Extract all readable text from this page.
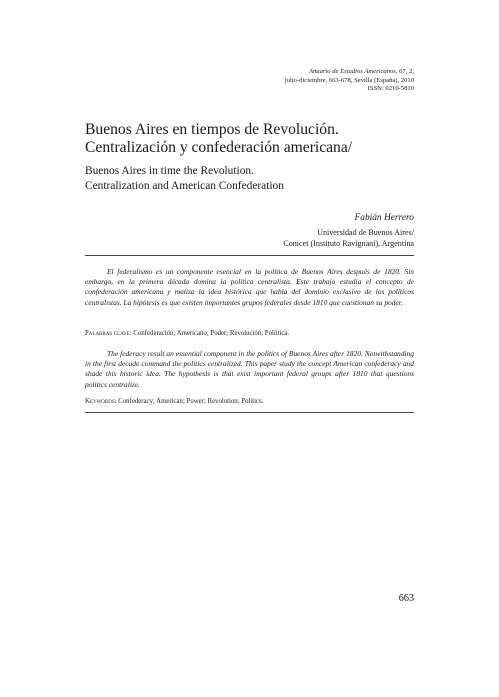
Anuario de Estudios Americanos, 67, 2,
julio-diciembre, 663-678, Sevilla (España), 2010
ISSN: 0210-5810
Buenos Aires en tiempos de Revolución.
Centralización y confederación americana/
Buenos Aires in time the Revolution.
Centralization and American Confederation
Fabián Herrero
Universidad de Buenos Aires/
Conicet (Instituto Ravignani), Argentina

El federalismo es un componente esencial en la política de Buenos Aires después de 1820. Sin embargo, en la primera década domina la política centralista. Este trabajo estudia el concepto de confederación americana y matiza la idea histórica que habla del dominio exclusivo de los políticos centralistas. La hipótesis es que existen importantes grupos federales desde 1810 que cuestionan su poder.

Palabras clave: Confederación; Americano; Poder; Revolución; Políitica.

The federacy result an essential component in the politics of Buenos Aires after 1820. Notwithstanding in the first decade command the politics centralized. This paper study the concept American confederacy and shade this historic idea. The hypothesis is that exist important federal groups after 1810 that questions politics centralize.

Keywords: Confederacy; American; Power; Revolution; Politics.
663
